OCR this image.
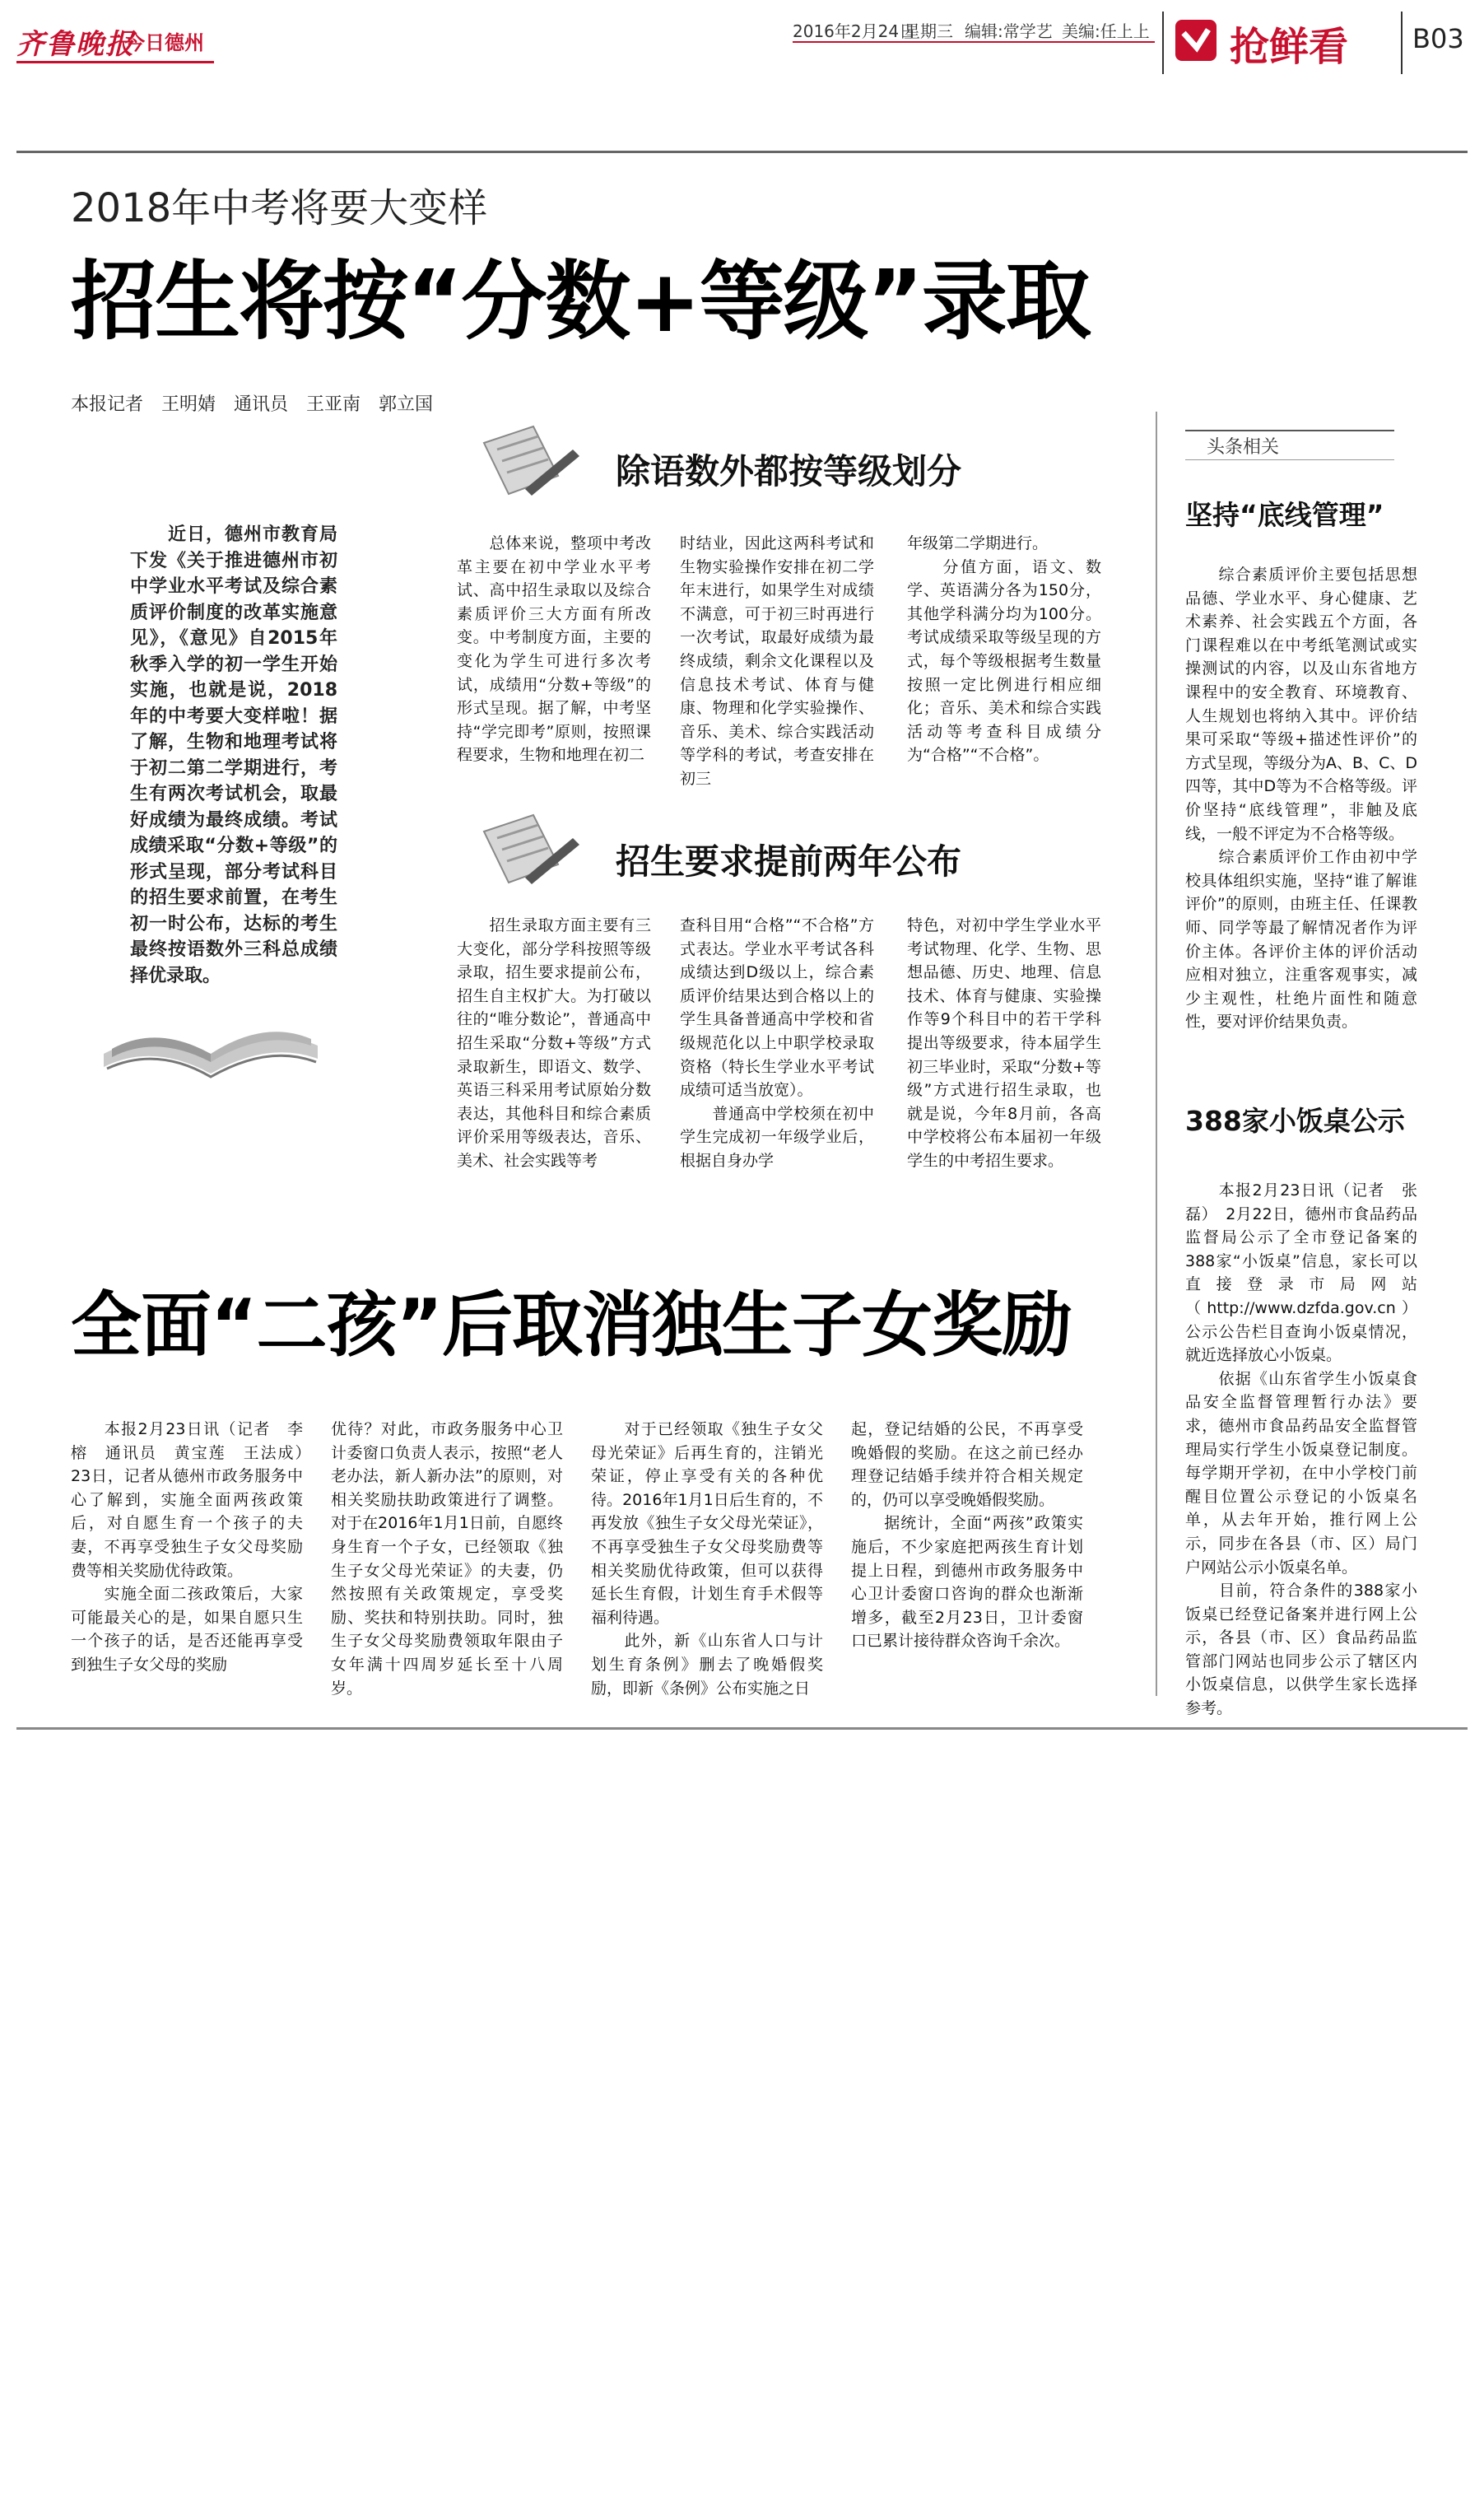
齐鲁晚报
今日德州	2016年2月24日
星期三 编辑:常学艺 美编:任上上 抢鲜看 B03
2018年中考将要大变样
招生将按“分数+等级”录取
本报记者　王明婧　通讯员　王亚南　郭立国

　　近日，德州市教育局下发《关于推进德州市初中学业水平考试及综合素质评价制度的改革实施意见》，《意见》自2015年秋季入学的初一学生开始实施，也就是说，2018年的中考要大变样啦！据了解，生物和地理考试将于初二第二学期进行，考生有两次考试机会，取最好成绩为最终成绩。考试成绩采取“分数+等级”的形式呈现，部分考试科目的招生要求前置，在考生初一时公布，达标的考生最终按语数外三科总成绩择优录取。

除语数外都按等级划分

　　总体来说，整项中考改革主要在初中学业水平考试、高中招生录取以及综合素质评价三大方面有所改变。中考制度方面，主要的变化为学生可进行多次考试，成绩用“分数+等级”的形式呈现。据了解，中考坚持“学完即考”原则，按照课程要求，生物和地理在初二

时结业，因此这两科考试和生物实验操作安排在初二学年末进行，如果学生对成绩不满意，可于初三时再进行一次考试，取最好成绩为最终成绩，剩余文化课程以及信息技术考试、体育与健康、物理和化学实验操作、音乐、美术、综合实践活动等学科的考试，考查安排在初三

年级第二学期进行。
　　分值方面，语文、数学、英语满分各为150分，其他学科满分均为100分。考试成绩采取等级呈现的方式，每个等级根据考生数量按照一定比例进行相应细化；音乐、美术和综合实践活动等考查科目成绩分为“合格”“不合格”。

招生要求提前两年公布

　　招生录取方面主要有三大变化，部分学科按照等级录取，招生要求提前公布，招生自主权扩大。为打破以往的“唯分数论”，普通高中招生采取“分数+等级”方式录取新生，即语文、数学、英语三科采用考试原始分数表达，其他科目和综合素质评价采用等级表达，音乐、美术、社会实践等考

查科目用“合格”“不合格”方式表达。学业水平考试各科成绩达到D级以上，综合素质评价结果达到合格以上的学生具备普通高中学校和省级规范化以上中职学校录取资格（特长生学业水平考试成绩可适当放宽）。
　　普通高中学校须在初中学生完成初一年级学业后，根据自身办学

特色，对初中学生学业水平考试物理、化学、生物、思想品德、历史、地理、信息技术、体育与健康、实验操作等9个科目中的若干学科提出等级要求，待本届学生初三毕业时，采取“分数+等级”方式进行招生录取，也就是说，今年8月前，各高中学校将公布本届初一年级学生的中考招生要求。

头条相关
坚持“底线管理”

　　综合素质评价主要包括思想品德、学业水平、身心健康、艺术素养、社会实践五个方面，各门课程难以在中考纸笔测试或实操测试的内容，以及山东省地方课程中的安全教育、环境教育、人生规划也将纳入其中。评价结果可采取“等级+描述性评价”的方式呈现，等级分为A、B、C、D四等，其中D等为不合格等级。评价坚持“底线管理”，非触及底线，一般不评定为不合格等级。
　　综合素质评价工作由初中学校具体组织实施，坚持“谁了解谁评价”的原则，由班主任、任课教师、同学等最了解情况者作为评价主体。各评价主体的评价活动应相对独立，注重客观事实，减少主观性，杜绝片面性和随意性，要对评价结果负责。

388家小饭桌公示

　　本报2月23日讯（记者　张磊）　2月22日，德州市食品药品监督局公示了全市登记备案的388家“小饭桌”信息，家长可以直接登录市局网站（http://www.dzfda.gov.cn）公示公告栏目查询小饭桌情况，就近选择放心小饭桌。
　　依据《山东省学生小饭桌食品安全监督管理暂行办法》要求，德州市食品药品安全监督管理局实行学生小饭桌登记制度。每学期开学初，在中小学校门前醒目位置公示登记的小饭桌名单，从去年开始，推行网上公示，同步在各县（市、区）局门户网站公示小饭桌名单。
　　目前，符合条件的388家小饭桌已经登记备案并进行网上公示，各县（市、区）食品药品监管部门网站也同步公示了辖区内小饭桌信息，以供学生家长选择参考。

全面“二孩”后取消独生子女奖励

　　本报2月23日讯（记者　李榕　通讯员　黄宝莲　王法成）　23日，记者从德州市政务服务中心了解到，实施全面两孩政策后，对自愿生育一个孩子的夫妻，不再享受独生子女父母奖励费等相关奖励优待政策。
　　实施全面二孩政策后，大家可能最关心的是，如果自愿只生一个孩子的话，是否还能再享受到独生子女父母的奖励

优待？对此，市政务服务中心卫计委窗口负责人表示，按照“老人老办法，新人新办法”的原则，对相关奖励扶助政策进行了调整。对于在2016年1月1日前，自愿终身生育一个子女，已经领取《独生子女父母光荣证》的夫妻，仍然按照有关政策规定，享受奖励、奖扶和特别扶助。同时，独生子女父母奖励费领取年限由子女年满十四周岁延长至十八周岁。

　　对于已经领取《独生子女父母光荣证》后再生育的，注销光荣证，停止享受有关的各种优待。2016年1月1日后生育的，不再发放《独生子女父母光荣证》，不再享受独生子女父母奖励费等相关奖励优待政策，但可以获得延长生育假，计划生育手术假等福利待遇。
　　此外，新《山东省人口与计划生育条例》删去了晚婚假奖励，即新《条例》公布实施之日

起，登记结婚的公民，不再享受晚婚假的奖励。在这之前已经办理登记结婚手续并符合相关规定的，仍可以享受晚婚假奖励。
　　据统计，全面“两孩”政策实施后，不少家庭把两孩生育计划提上日程，到德州市政务服务中心卫计委窗口咨询的群众也渐渐增多，截至2月23日，卫计委窗口已累计接待群众咨询千余次。
